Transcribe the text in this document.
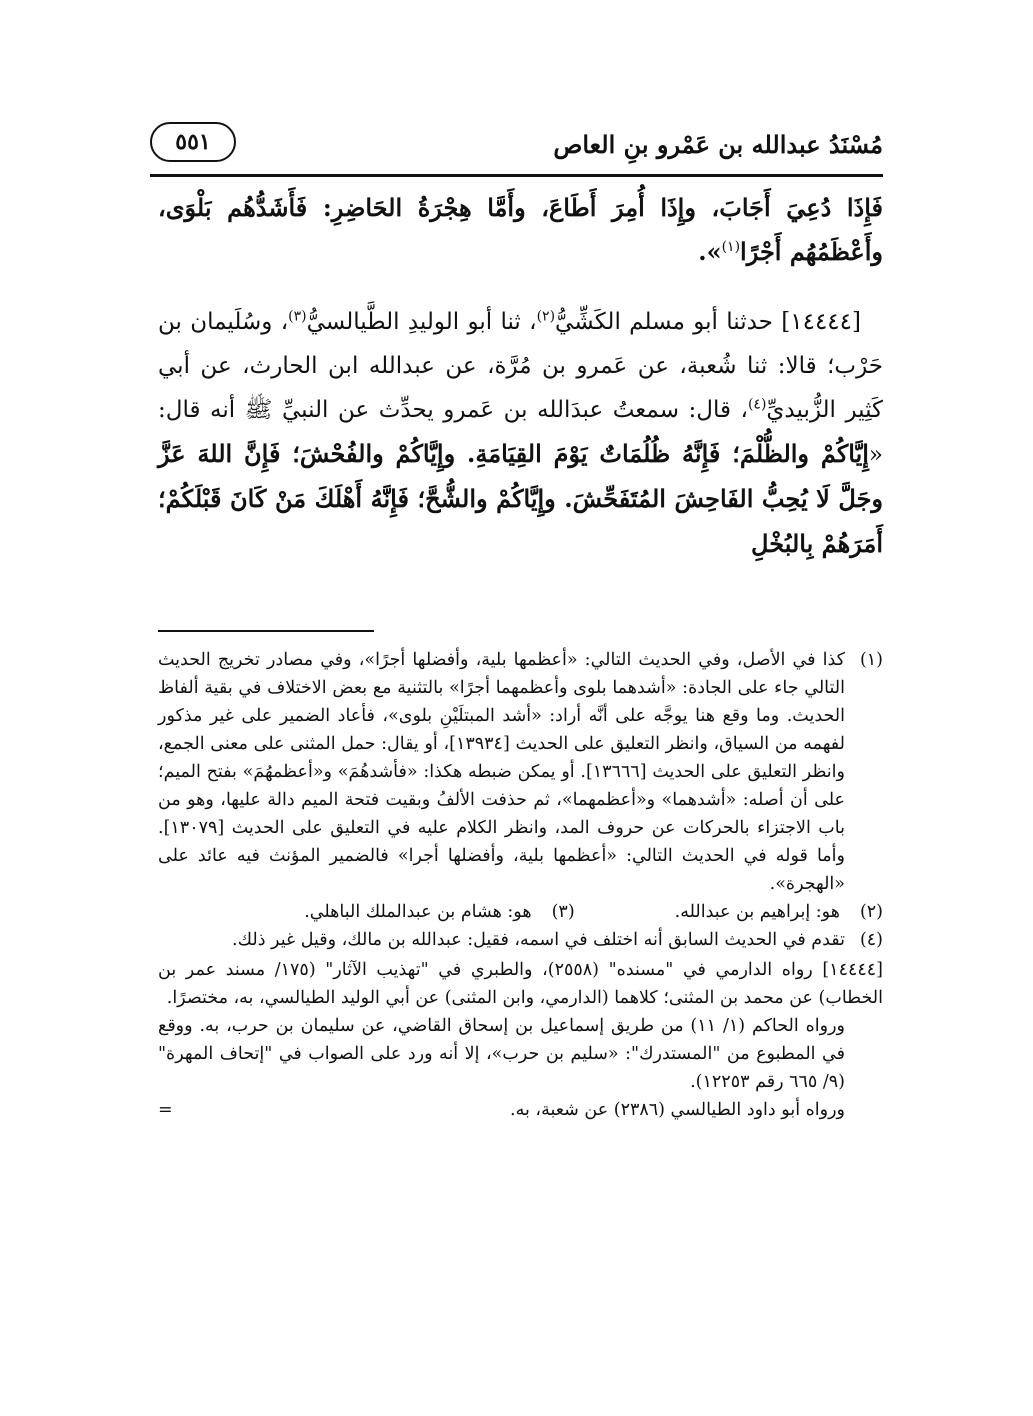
مُسْنَدُ عبدالله بن عَمْرو بنِ العاص
٥٥١

فَإِذَا دُعِيَ أَجَابَ، وإِذَا أُمِرَ أَطَاعَ، وأَمَّا هِجْرَةُ الحَاضِرِ: فَأَشَدُّهُم بَلْوَى، وأَعْظَمُهُم أَجْرًا$^{(١)}$».

[١٤٤٤٤] حدثنا أبو مسلم الكَشِّيُّ$^{(٢)}$، ثنا أبو الوليدِ الطَّيالسيُّ$^{(٣)}$، وسُلَيمان بن حَرْب؛ قالا: ثنا شُعبة، عن عَمرو بن مُرَّة، عن عبدالله ابن الحارث، عن أبي كَثِير الزُّبيديِّ$^{(٤)}$، قال: سمعتُ عبدَالله بن عَمرو يحدِّث عن النبيِّ ﷺ أنه قال: «إِيَّاكُمْ والظُّلْمَ؛ فَإِنَّهُ ظُلُمَاتٌ يَوْمَ القِيَامَةِ. وإِيَّاكُمْ والفُحْشَ؛ فَإِنَّ اللهَ عَزَّ وجَلَّ لَا يُحِبُّ الفَاحِشَ المُتَفَحِّشَ. وإِيَّاكُمْ والشُّحَّ؛ فَإِنَّهُ أَهْلَكَ مَنْ كَانَ قَبْلَكُمْ؛ أَمَرَهُمْ بِالبُخْلِ

(١)
كذا في الأصل، وفي الحديث التالي: «أعظمها بلية، وأفضلها أجرًا»، وفي مصادر تخريج الحديث التالي جاء على الجادة: «أشدهما بلوى وأعظمهما أجرًا» بالتثنية مع بعض الاختلاف في بقية ألفاظ الحديث. وما وقع هنا يوجَّه على أنَّه أراد: «أشد المبتلَيْنِ بلوى»، فأعاد الضمير على غير مذكور لفهمه من السياق، وانظر التعليق على الحديث [١٣٩٣٤]، أو يقال: حمل المثنى على معنى الجمع، وانظر التعليق على الحديث [١٣٦٦٦]. أو يمكن ضبطه هكذا: «فأشدهُمَ» و«أعظمهُمَ» بفتح الميم؛ على أن أصله: «أشدهما» و«أعظمهما»، ثم حذفت الألفُ وبقيت فتحة الميم دالة عليها، وهو من باب الاجتزاء بالحركات عن حروف المد، وانظر الكلام عليه في التعليق على الحديث [١٣٠٧٩]. وأما قوله في الحديث التالي: «أعظمها بلية، وأفضلها أجرا» فالضمير المؤنث فيه عائد على «الهجرة».
(٢)
هو: إبراهيم بن عبدالله.
(٣)
هو: هشام بن عبدالملك الباهلي.
(٤)
تقدم في الحديث السابق أنه اختلف في اسمه، فقيل: عبدالله بن مالك، وقيل غير ذلك.

[١٤٤٤٤] رواه الدارمي في "مسنده" (٢٥٥٨)، والطبري في "تهذيب الآثار" (١٧٥/ مسند عمر بن الخطاب) عن محمد بن المثنى؛ كلاهما (الدارمي، وابن المثنى) عن أبي الوليد الطيالسي، به، مختصرًا.

ورواه الحاكم (١/ ١١) من طريق إسماعيل بن إسحاق القاضي، عن سليمان بن حرب، به. ووقع في المطبوع من "المستدرك": «سليم بن حرب»، إلا أنه ورد على الصواب في "إتحاف المهرة" (٩/ ٦٦٥ رقم ١٢٢٥٣).

ورواه أبو داود الطيالسي (٢٣٨٦) عن شعبة، به.
=
